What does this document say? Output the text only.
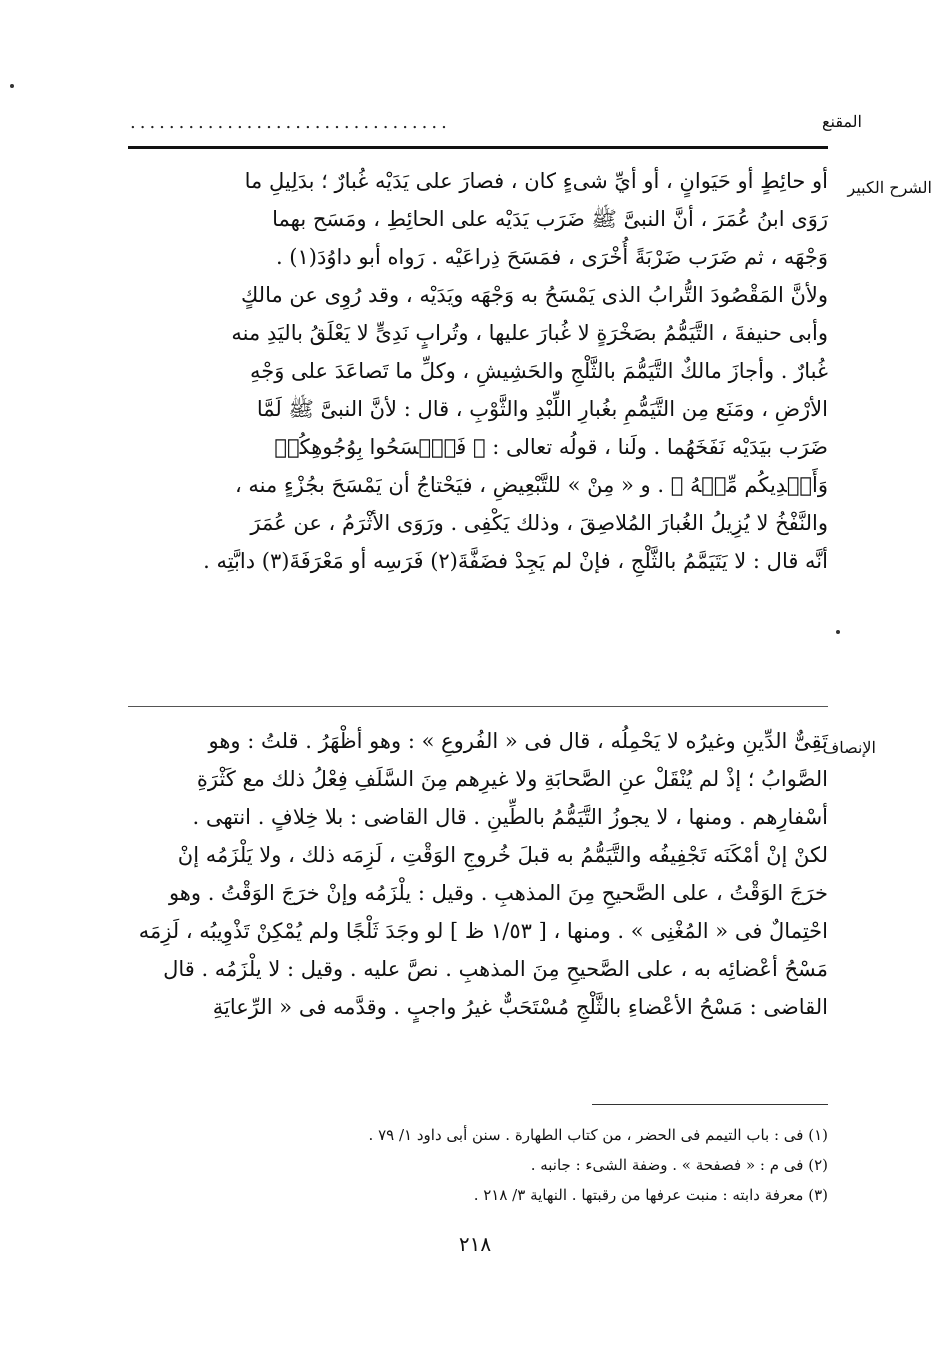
المقنع
.................................
الشرح الكبير
أو حائِطٍ أو حَيَوانٍ ، أو أيِّ شىءٍ كان ، فصارَ على يَدَيْه غُبارٌ ؛ بدَلِيلِ ما
رَوَى ابنُ عُمَرَ ، أنَّ النبىَّ ﷺ ضَرَب يَدَيْه على الحائِطِ ، ومَسَح بهما
وَجْهَه ، ثم ضَرَب ضَرْبَةً أُخْرَى ، فمَسَحَ ذِراعَيْه . رَواه أبو داوُدَ(١) .
ولأنَّ المَقْصُودَ التُّرابُ الذى يَمْسَحُ به وَجْهَه ويَدَيْه ، وقد رُوِى عن مالكٍ
وأبى حنيفةَ ، التَّيَمُّمُ بصَخْرَةٍ لا غُبارَ عليها ، وتُرابٍ نَدِىٍّ لا يَعْلَقُ باليَدِ منه
غُبارٌ . وأجازَ مالكٌ التَّيَمُّمَ بالثَّلْجِ والحَشِيشِ ، وكلِّ ما تَصاعَدَ على وَجْهِ
الأرْضِ ، ومَنَع مِن التَّيَمُّمِ بغُبارِ اللِّبْدِ والثَّوْبِ ، قال : لأنَّ النبىَّ ﷺ لَمَّا
ضَرَب بيَدَيْه نَفَخَهُما . ولَنا ، قولُه تعالى : ﴿ فَٱمۡسَحُوا بِوُجُوهِكُمۡ
وَأَيۡدِيكُم مِّنۡهُ ﴾ . و « مِنْ » للتَّبْعِيضِ ، فيَحْتاجُ أن يَمْسَحَ بجُزْءٍ منه ،
والنَّفْخُ لا يُزِيلُ الغُبارَ المُلاصِقَ ، وذلك يَكْفِى . ورَوَى الأثْرَمُ ، عن عُمَرَ
أنَّه قال : لا يَتَيَمَّمُ بالثَّلْجِ ، فإنْ لم يَجِدْ فضَفَّةَ(٢) فَرَسِه أو مَعْرَفَةَ(٣) دابَّتِه .
الإنصاف
تَقِىٌّ الدِّينِ وغيرُه لا يَحْمِلُه ، قال فى « الفُروعِ » : وهو أظْهَرُ . قلتُ : وهو
الصَّوابُ ؛ إذْ لم يُنْقَلْ عنِ الصَّحابَةِ ولا غيرِهم مِنَ السَّلَفِ فِعْلُ ذلك مع كَثْرَةِ
أسْفارِهم . ومنها ، لا يجوزُ التَّيَمُّمُ بالطِّينِ . قال القاضى : بلا خِلافٍ . انتهى .
لكنْ إنْ أمْكَنَه تَجْفِيفُه والتَّيَمُّمُ به قبلَ خُروجِ الوَقْتِ ، لَزِمَه ذلك ، ولا يَلْزَمُه إنْ
خرَجَ الوَقْتُ ، على الصَّحيحِ مِنَ المذهبِ . وقيل : يلْزَمُه وإنْ خرَجَ الوَقْتُ . وهو
احْتِمالٌ فى « المُغْنِى » . ومنها ، [ ١/٥٣ ظ ] لو وجَدَ ثَلْجًا ولم يُمْكِنْ تَذْوِيبُه ، لَزِمَه
مَسْحُ أعْضائِه به ، على الصَّحيحِ مِنَ المذهبِ . نصَّ عليه . وقيل : لا يلْزَمُه . قال
القاضى : مَسْحُ الأعْضاءِ بالثَّلْجِ مُسْتَحَبٌّ غيرُ واجبٍ . وقدَّمه فى « الرِّعايَةِ
(١) فى : باب التيمم فى الحضر ، من كتاب الطهارة . سنن أبى داود ١/ ٧٩ .
(٢) فى م : « فصفحة » . وضفة الشىء : جانبه .
(٣) معرفة دابته : منبت عرفها من رقبتها . النهاية ٣/ ٢١٨ .
٢١٨
